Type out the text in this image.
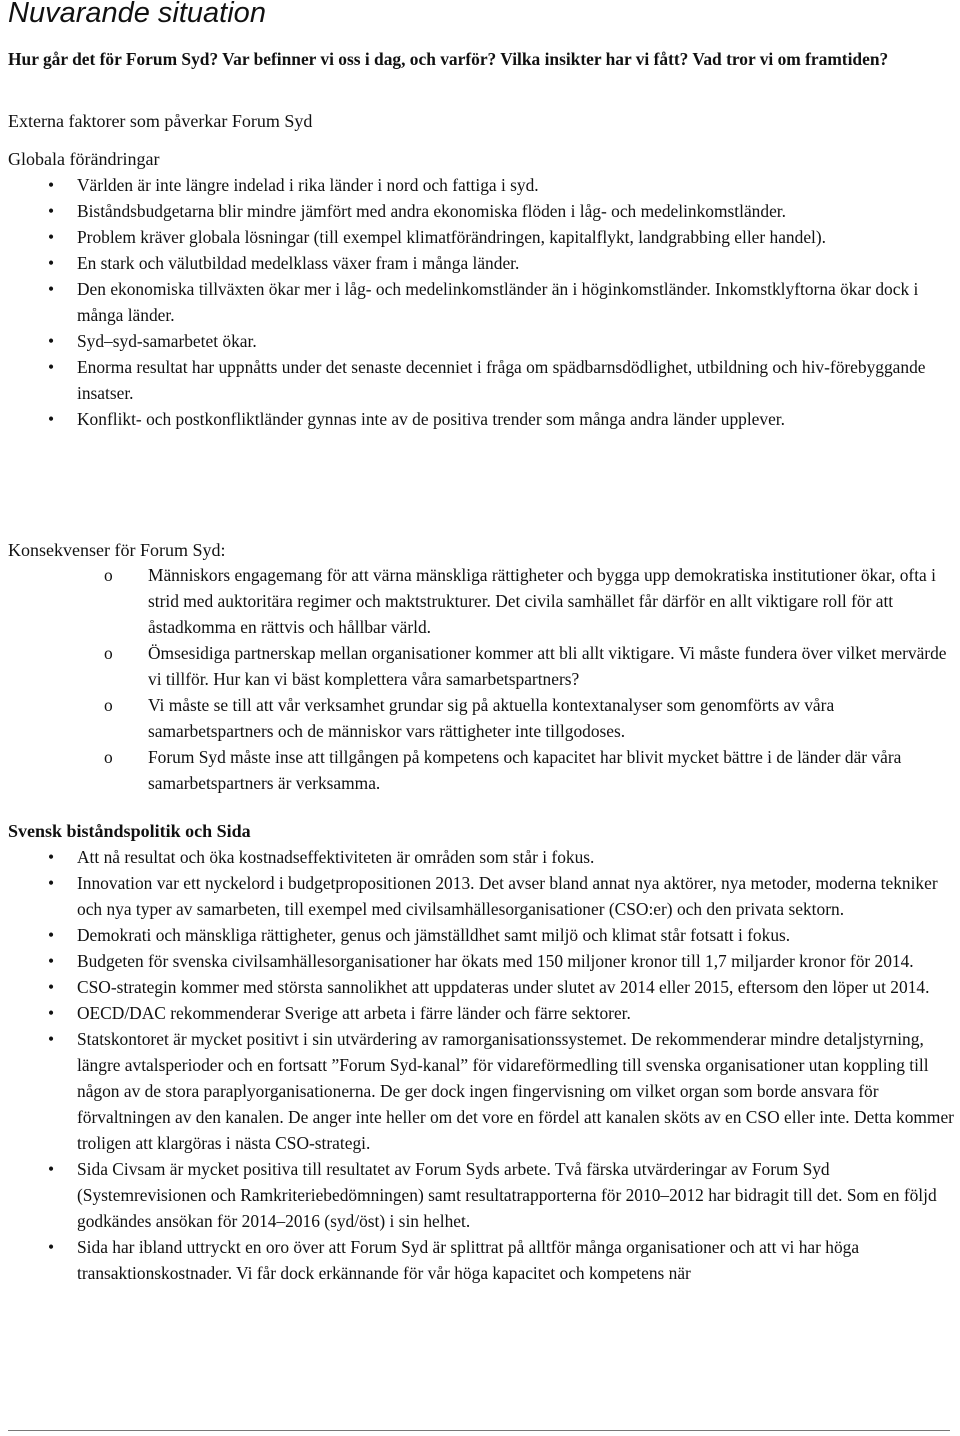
Nuvarande situation

Hur går det för Forum Syd? Var befinner vi oss i dag, och varför? Vilka insikter har vi fått? Vad tror vi om framtiden?

Externa faktorer som påverkar Forum Syd

Globala förändringar

•	Världen är inte längre indelad i rika länder i nord och fattiga i syd.
•	Biståndsbudgetarna blir mindre jämfört med andra ekonomiska flöden i låg- och medelinkomstländer.
•	Problem kräver globala lösningar (till exempel klimatförändringen, kapitalflykt, landgrabbing eller handel).
•	En stark och välutbildad medelklass växer fram i många länder.
•	Den ekonomiska tillväxten ökar mer i låg- och medelinkomstländer än i höginkomstländer. Inkomstklyftorna ökar dock i många länder.
•	Syd–syd-samarbetet ökar.
•	Enorma resultat har uppnåtts under det senaste decenniet i fråga om spädbarnsdödlighet, utbildning och hiv-förebyggande insatser.
•	Konflikt- och postkonfliktländer gynnas inte av de positiva trender som många andra länder upplever.

Konsekvenser för Forum Syd:

o Människors engagemang för att värna mänskliga rättigheter och bygga upp demokratiska institutioner ökar, ofta i strid med auktoritära regimer och maktstrukturer. Det civila samhället får därför en allt viktigare roll för att åstadkomma en rättvis och hållbar värld.
o Ömsesidiga partnerskap mellan organisationer kommer att bli allt viktigare. Vi måste fundera över vilket mervärde vi tillför. Hur kan vi bäst komplettera våra samarbetspartners?
o Vi måste se till att vår verksamhet grundar sig på aktuella kontextanalyser som genomförts av våra samarbetspartners och de människor vars rättigheter inte tillgodoses.
o Forum Syd måste inse att tillgången på kompetens och kapacitet har blivit mycket bättre i de länder där våra samarbetspartners är verksamma.

Svensk biståndspolitik och Sida

•	Att nå resultat och öka kostnadseffektiviteten är områden som står i fokus.
•	Innovation var ett nyckelord i budgetpropositionen 2013. Det avser bland annat nya aktörer, nya metoder, moderna tekniker och nya typer av samarbeten, till exempel med civilsamhällesorganisationer (CSO:er) och den privata sektorn.
•	Demokrati och mänskliga rättigheter, genus och jämställdhet samt miljö och klimat står fotsatt i fokus.
•	Budgeten för svenska civilsamhällesorganisationer har ökats med 150 miljoner kronor till 1,7 miljarder kronor för 2014.
•	CSO-strategin kommer med största sannolikhet att uppdateras under slutet av 2014 eller 2015, eftersom den löper ut 2014.
•	OECD/DAC rekommenderar Sverige att arbeta i färre länder och färre sektorer.
•	Statskontoret är mycket positivt i sin utvärdering av ramorganisationssystemet. De rekommenderar mindre detaljstyrning, längre avtalsperioder och en fortsatt ”Forum Syd-kanal” för vidareförmedling till svenska organisationer utan koppling till någon av de stora paraplyorganisationerna. De ger dock ingen fingervisning om vilket organ som borde ansvara för förvaltningen av den kanalen. De anger inte heller om det vore en fördel att kanalen sköts av en CSO eller inte. Detta kommer troligen att klargöras i nästa CSO-strategi.
•	Sida Civsam är mycket positiva till resultatet av Forum Syds arbete. Två färska utvärderingar av Forum Syd (Systemrevisionen och Ramkriteriebedömningen) samt resultatrapporterna för 2010–2012 har bidragit till det. Som en följd godkändes ansökan för 2014–2016 (syd/öst) i sin helhet.
•	Sida har ibland uttryckt en oro över att Forum Syd är splittrat på alltför många organisationer och att vi har höga transaktionskostnader. Vi får dock erkännande för vår höga kapacitet och kompetens när
